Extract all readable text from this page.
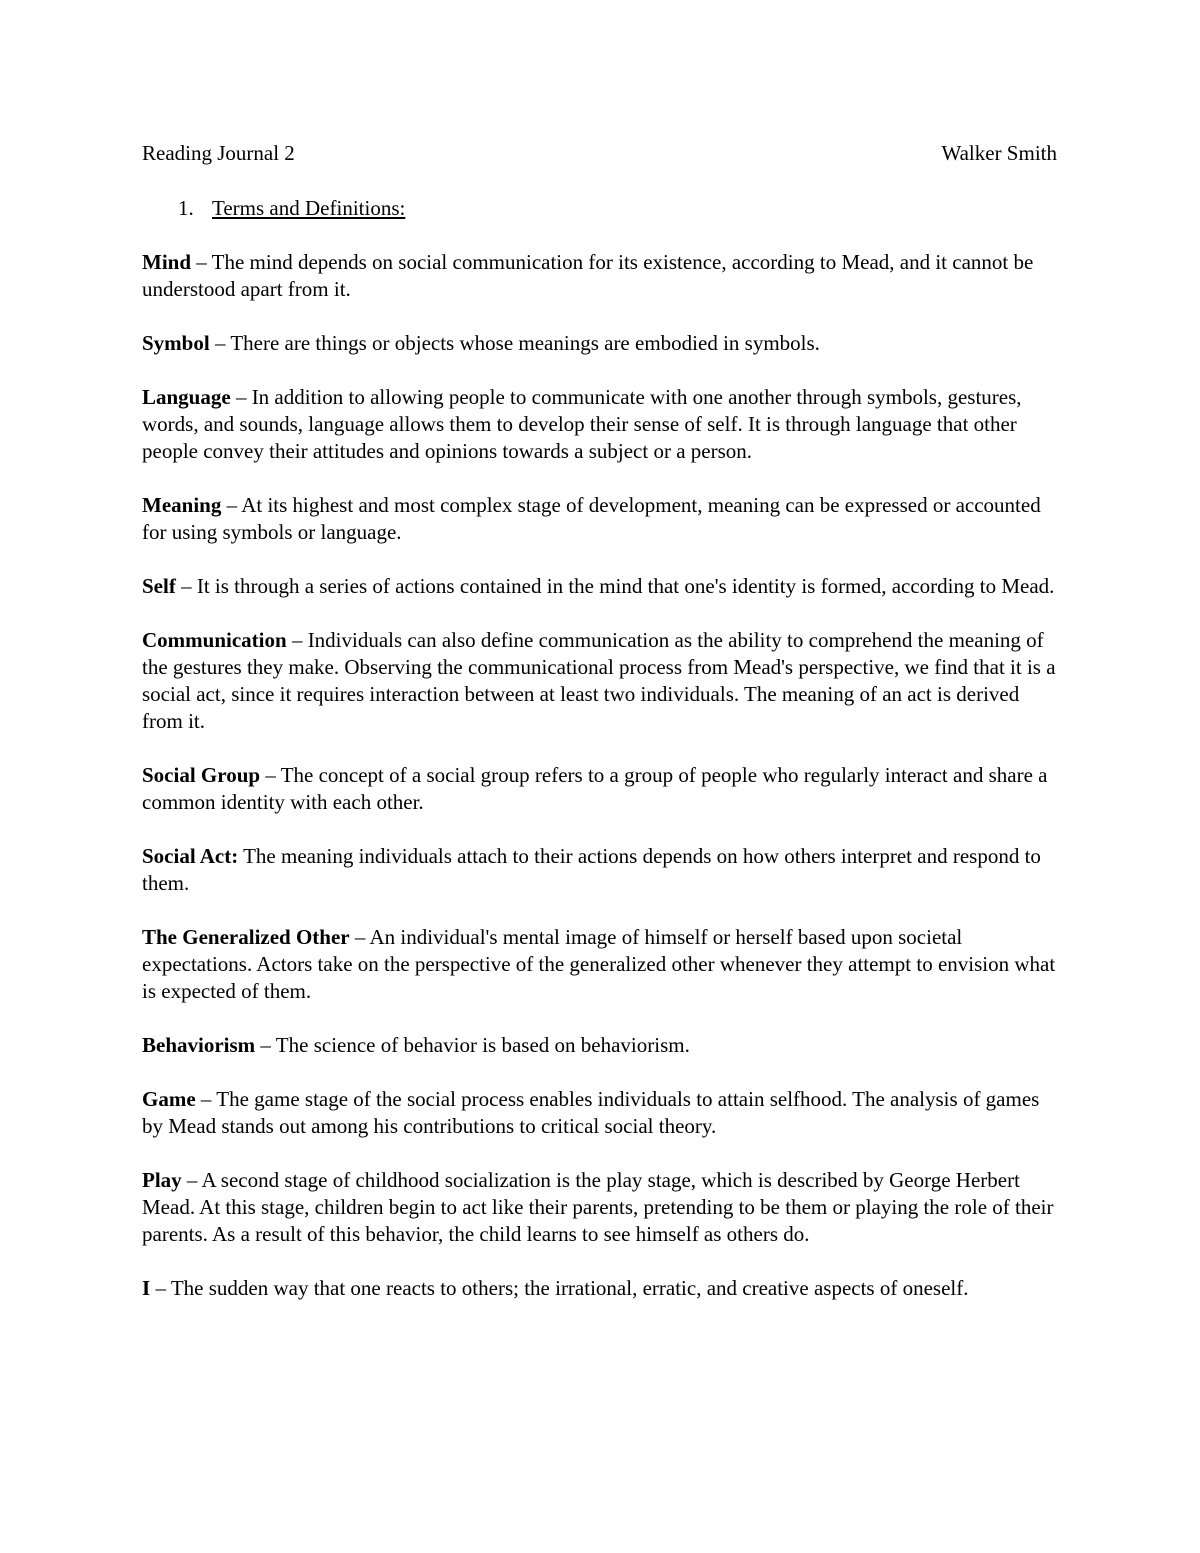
Reading Journal 2	Walker Smith
1. Terms and Definitions:

Mind – The mind depends on social communication for its existence, according to Mead, and it cannot be understood apart from it.

Symbol – There are things or objects whose meanings are embodied in symbols.

Language – In addition to allowing people to communicate with one another through symbols, gestures, words, and sounds, language allows them to develop their sense of self. It is through language that other people convey their attitudes and opinions towards a subject or a person.

Meaning – At its highest and most complex stage of development, meaning can be expressed or accounted for using symbols or language.

Self – It is through a series of actions contained in the mind that one's identity is formed, according to Mead.

Communication – Individuals can also define communication as the ability to comprehend the meaning of the gestures they make. Observing the communicational process from Mead's perspective, we find that it is a social act, since it requires interaction between at least two individuals. The meaning of an act is derived from it.

Social Group – The concept of a social group refers to a group of people who regularly interact and share a common identity with each other.

Social Act: The meaning individuals attach to their actions depends on how others interpret and respond to them.

The Generalized Other – An individual's mental image of himself or herself based upon societal expectations. Actors take on the perspective of the generalized other whenever they attempt to envision what is expected of them.

Behaviorism – The science of behavior is based on behaviorism.

Game – The game stage of the social process enables individuals to attain selfhood. The analysis of games by Mead stands out among his contributions to critical social theory.

Play – A second stage of childhood socialization is the play stage, which is described by George Herbert Mead. At this stage, children begin to act like their parents, pretending to be them or playing the role of their parents. As a result of this behavior, the child learns to see himself as others do.

I – The sudden way that one reacts to others; the irrational, erratic, and creative aspects of oneself.
